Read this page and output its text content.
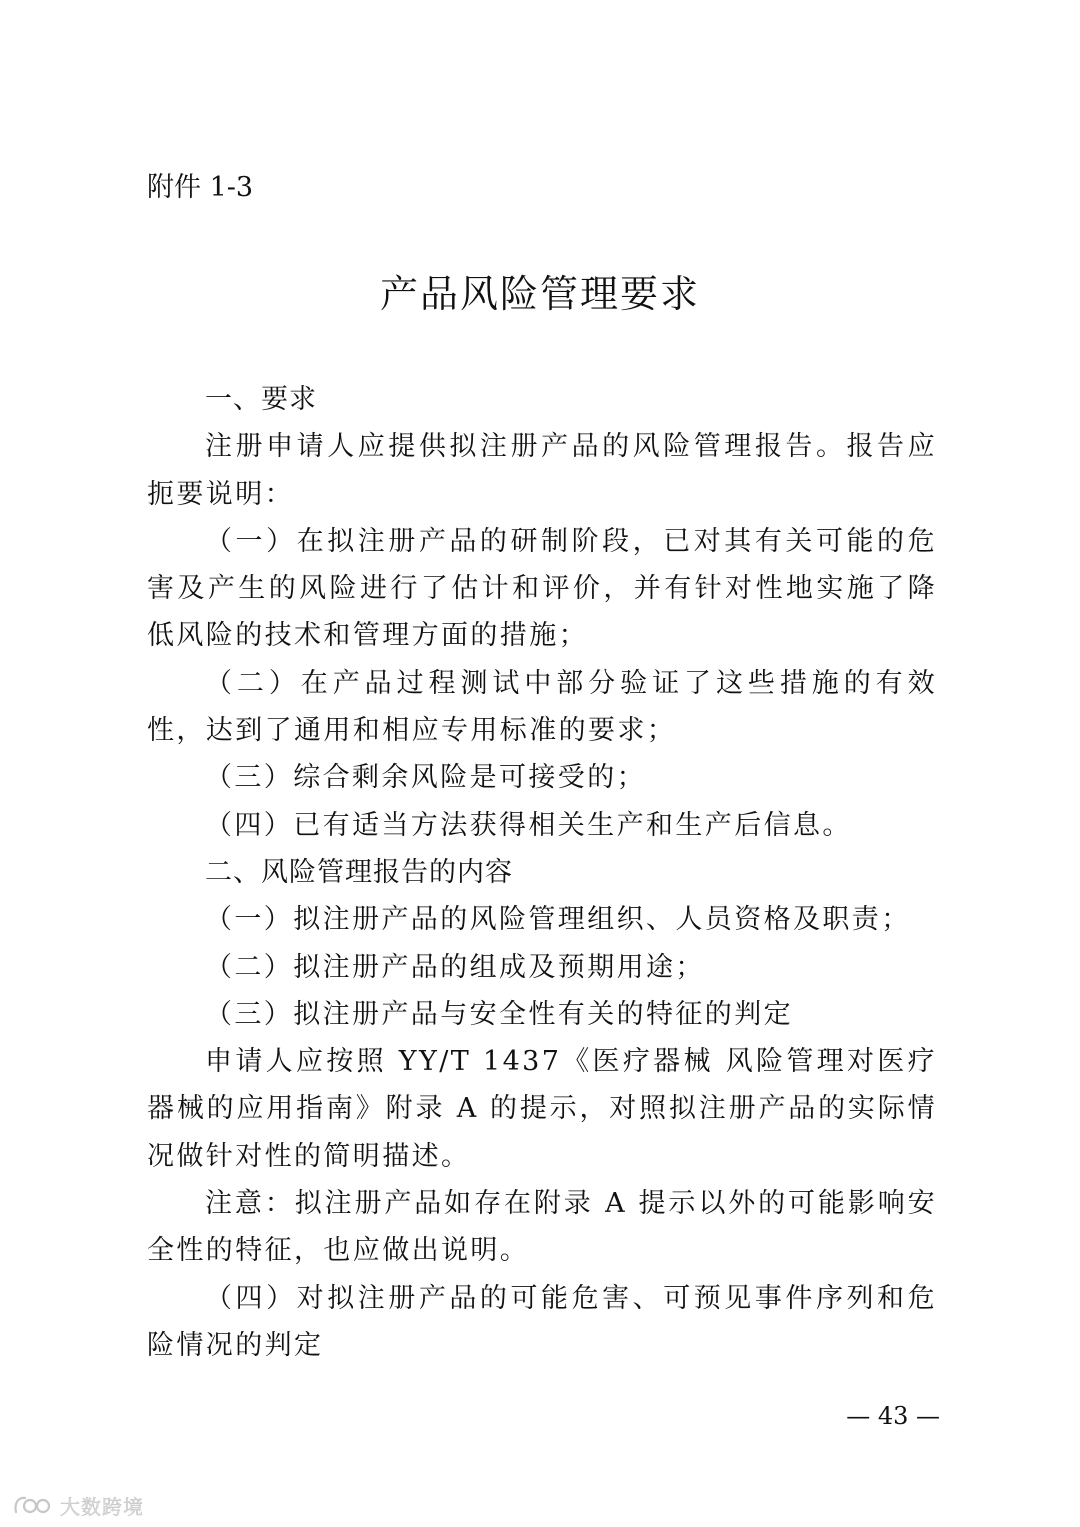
附件 1-3
产品风险管理要求

一、要求

注册申请人应提供拟注册产品的风险管理报告。报告应扼要说明：

（一）在拟注册产品的研制阶段，已对其有关可能的危害及产生的风险进行了估计和评价，并有针对性地实施了降低风险的技术和管理方面的措施；

（二）在产品过程测试中部分验证了这些措施的有效性，达到了通用和相应专用标准的要求；

（三）综合剩余风险是可接受的；

（四）已有适当方法获得相关生产和生产后信息。

二、风险管理报告的内容

（一）拟注册产品的风险管理组织、人员资格及职责；

（二）拟注册产品的组成及预期用途；

（三）拟注册产品与安全性有关的特征的判定

申请人应按照 YY/T 1437《医疗器械 风险管理对医疗器械的应用指南》附录 A 的提示，对照拟注册产品的实际情况做针对性的简明描述。

注意：拟注册产品如存在附录 A 提示以外的可能影响安全性的特征，也应做出说明。

（四）对拟注册产品的可能危害、可预见事件序列和危险情况的判定

— 43 —
大数跨境
